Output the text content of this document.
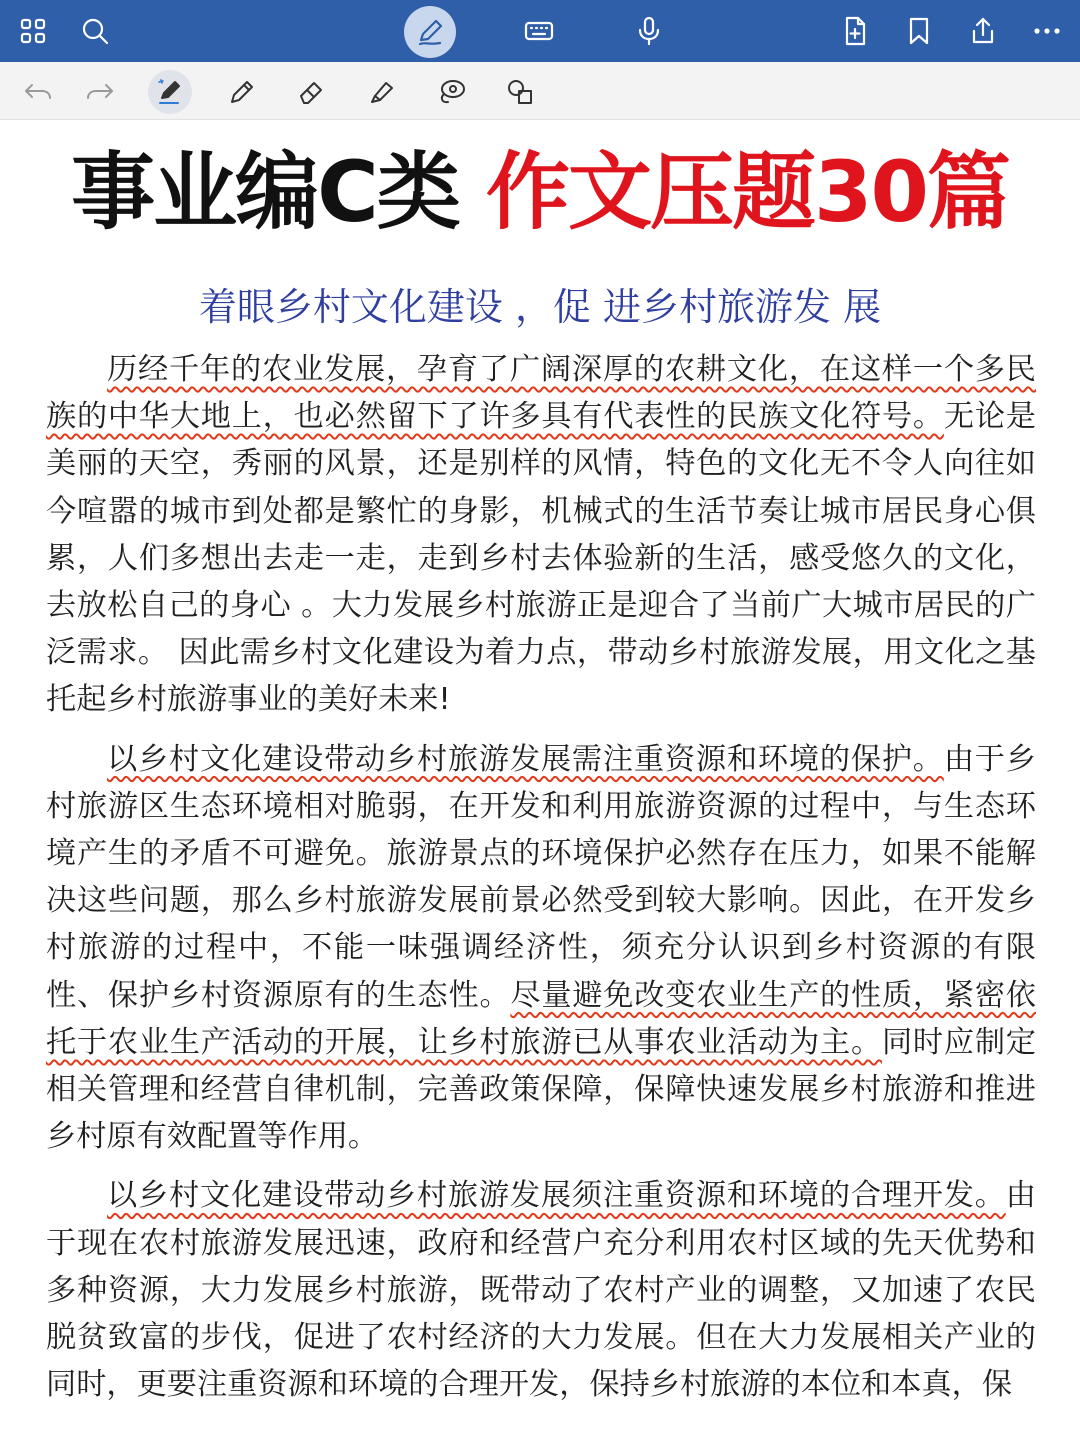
事业编C类 作文压题30篇
着眼乡村文化建设 ，促 进乡村旅游发 展

历经千年的农业发展，孕育了广阔深厚的农耕文化，在这样一个多民族的中华大地上，也必然留下了许多具有代表性的民族文化符号。无论是美丽的天空，秀丽的风景，还是别样的风情，特色的文化无不令人向往如今喧嚣的城市到处都是繁忙的身影，机械式的生活节奏让城市居民身心俱累，人们多想出去走一走，走到乡村去体验新的生活，感受悠久的文化，去放松自己的身心 。大力发展乡村旅游正是迎合了当前广大城市居民的广泛需求。 因此需乡村文化建设为着力点，带动乡村旅游发展，用文化之基托起乡村旅游事业的美好未来!

以乡村文化建设带动乡村旅游发展需注重资源和环境的保护。由于乡村旅游区生态环境相对脆弱，在开发和利用旅游资源的过程中，与生态环境产生的矛盾不可避免。旅游景点的环境保护必然存在压力，如果不能解决这些问题，那么乡村旅游发展前景必然受到较大影响。因此，在开发乡村旅游的过程中，不能一味强调经济性，须充分认识到乡村资源的有限性、保护乡村资源原有的生态性。尽量避免改变农业生产的性质，紧密依托于农业生产活动的开展，让乡村旅游已从事农业活动为主。同时应制定相关管理和经营自律机制，完善政策保障，保障快速发展乡村旅游和推进乡村原有效配置等作用。

以乡村文化建设带动乡村旅游发展须注重资源和环境的合理开发。由于现在农村旅游发展迅速，政府和经营户充分利用农村区域的先天优势和多种资源，大力发展乡村旅游，既带动了农村产业的调整，又加速了农民脱贫致富的步伐，促进了农村经济的大力发展。但在大力发展相关产业的同时，更要注重资源和环境的合理开发，保持乡村旅游的本位和本真，保
